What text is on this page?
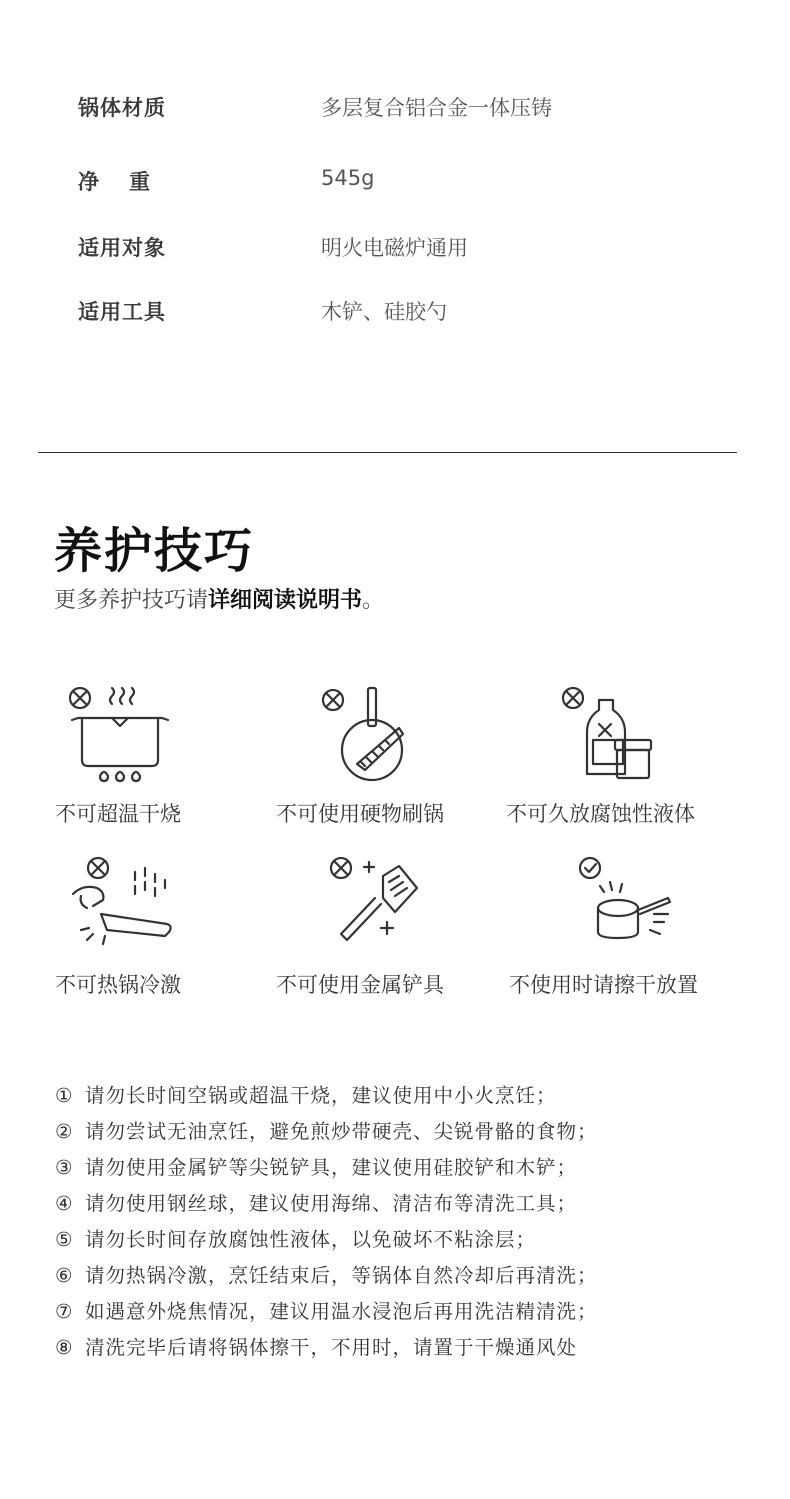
锅体材质	多层复合铝合金一体压铸
净重	545g
适用对象	明火电磁炉通用
适用工具	木铲、硅胶勺
养护技巧
更多养护技巧请详细阅读说明书。
不可超温干烧	不可使用硬物刷锅	不可久放腐蚀性液体
不可热锅冷激	不可使用金属铲具	不使用时请擦干放置
① 请勿长时间空锅或超温干烧，建议使用中小火烹饪；
② 请勿尝试无油烹饪，避免煎炒带硬壳、尖锐骨骼的食物；
③ 请勿使用金属铲等尖锐铲具，建议使用硅胶铲和木铲；
④ 请勿使用钢丝球，建议使用海绵、清洁布等清洗工具；
⑤ 请勿长时间存放腐蚀性液体，以免破坏不粘涂层；
⑥ 请勿热锅冷激，烹饪结束后，等锅体自然冷却后再清洗；
⑦ 如遇意外烧焦情况，建议用温水浸泡后再用洗洁精清洗；
⑧ 清洗完毕后请将锅体擦干，不用时，请置于干燥通风处
